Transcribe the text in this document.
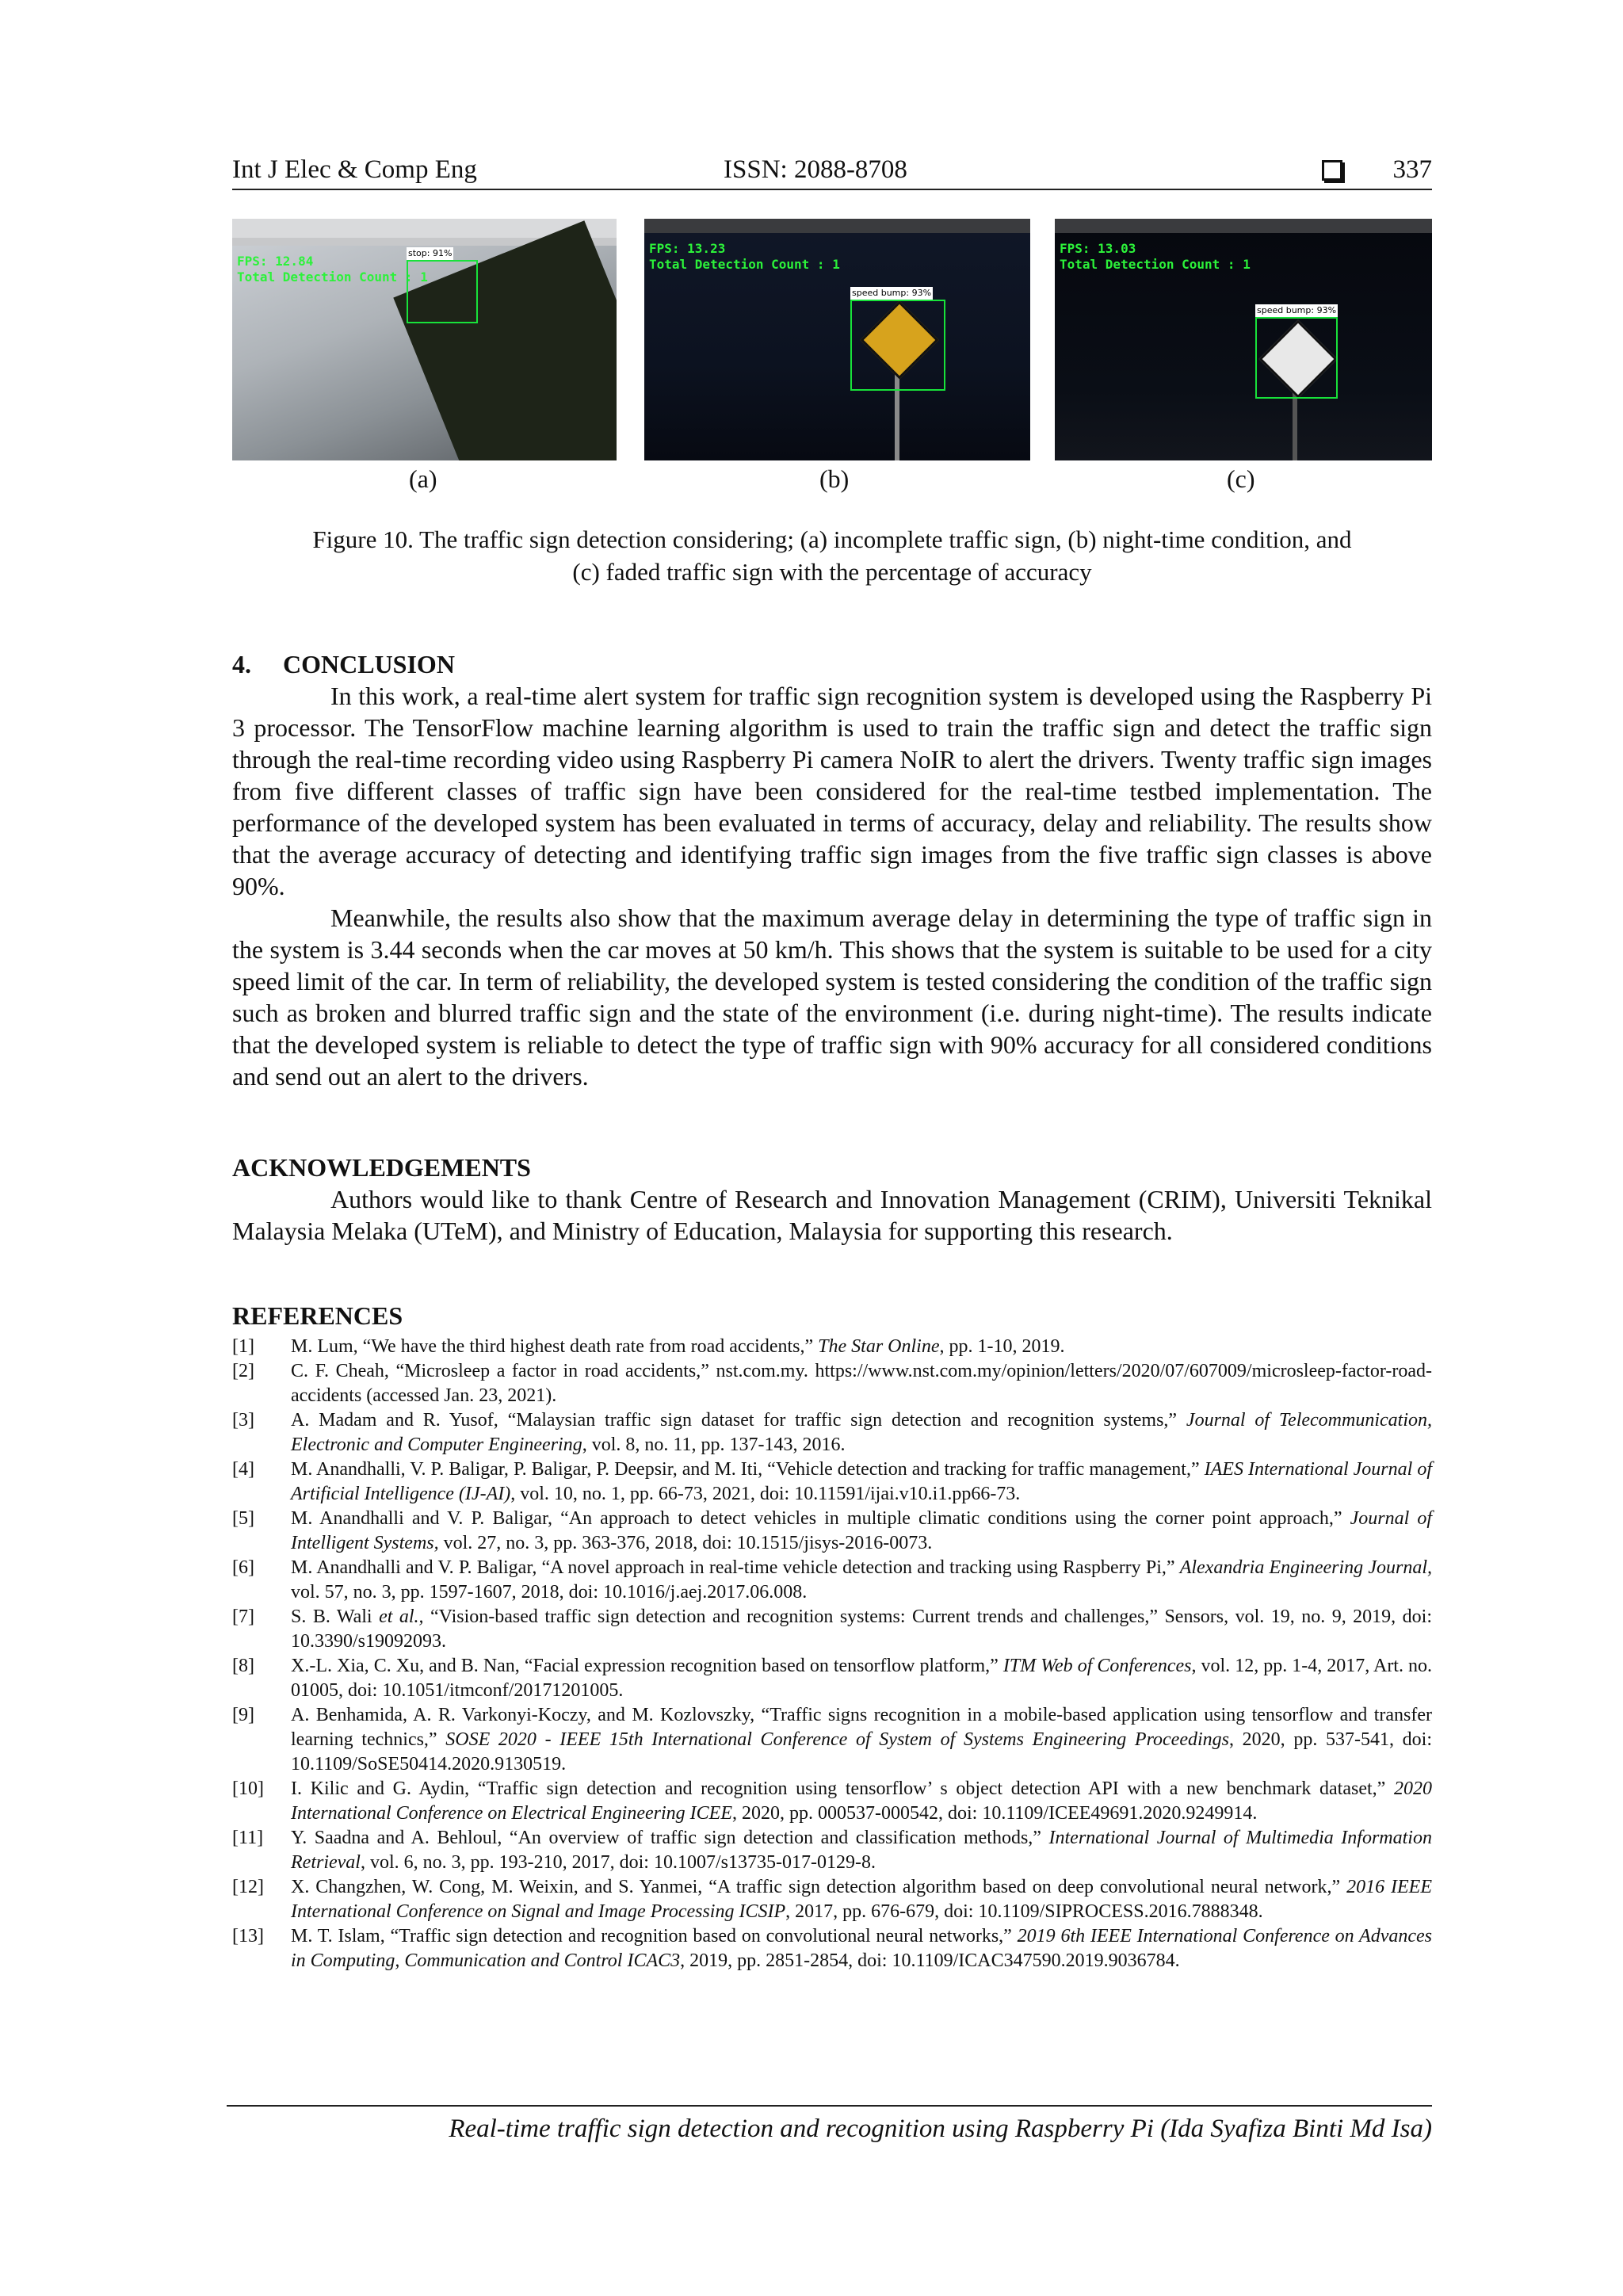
Int J Elec & Comp Eng	ISSN: 2088-8708	337
FPS: 12.84
Total Detection Count : 1
stop: 91%	FPS: 13.23
Total Detection Count : 1
speed bump: 93%
FPS: 13.03
Total Detection Count : 1
speed bump: 93%
(a)	(b)	(c)
Figure 10. The traffic sign detection considering; (a) incomplete traffic sign, (b) night-time condition, and
(c) faded traffic sign with the percentage of accuracy
4.     CONCLUSION

In this work, a real-time alert system for traffic sign recognition system is developed using the Raspberry Pi 3 processor. The TensorFlow machine learning algorithm is used to train the traffic sign and detect the traffic sign through the real-time recording video using Raspberry Pi camera NoIR to alert the drivers. Twenty traffic sign images from five different classes of traffic sign have been considered for the real-time testbed implementation. The performance of the developed system has been evaluated in terms of accuracy, delay and reliability. The results show that the average accuracy of detecting and identifying traffic sign images from the five traffic sign classes is above 90%.

Meanwhile, the results also show that the maximum average delay in determining the type of traffic sign in the system is 3.44 seconds when the car moves at 50 km/h. This shows that the system is suitable to be used for a city speed limit of the car. In term of reliability, the developed system is tested considering the condition of the traffic sign such as broken and blurred traffic sign and the state of the environment (i.e. during night-time). The results indicate that the developed system is reliable to detect the type of traffic sign with 90% accuracy for all considered conditions and send out an alert to the drivers.

ACKNOWLEDGEMENTS

Authors would like to thank Centre of Research and Innovation Management (CRIM), Universiti Teknikal Malaysia Melaka (UTeM), and Ministry of Education, Malaysia for supporting this research.

REFERENCES
[1]	M. Lum, “We have the third highest death rate from road accidents,” The Star Online, pp. 1-10, 2019.
[2]	C. F. Cheah, “Microsleep a factor in road accidents,” nst.com.my. https://www.nst.com.my/opinion/letters/2020/07/607009/microsleep-factor-road-accidents (accessed Jan. 23, 2021).
[3]	A. Madam and R. Yusof, “Malaysian traffic sign dataset for traffic sign detection and recognition systems,” Journal of Telecommunication, Electronic and Computer Engineering, vol. 8, no. 11, pp. 137-143, 2016.
[4]	M. Anandhalli, V. P. Baligar, P. Baligar, P. Deepsir, and M. Iti, “Vehicle detection and tracking for traffic management,” IAES International Journal of Artificial Intelligence (IJ-AI), vol. 10, no. 1, pp. 66-73, 2021, doi: 10.11591/ijai.v10.i1.pp66-73.
[5]	M. Anandhalli and V. P. Baligar, “An approach to detect vehicles in multiple climatic conditions using the corner point approach,” Journal of Intelligent Systems, vol. 27, no. 3, pp. 363-376, 2018, doi: 10.1515/jisys-2016-0073.
[6]	M. Anandhalli and V. P. Baligar, “A novel approach in real-time vehicle detection and tracking using Raspberry Pi,” Alexandria Engineering Journal, vol. 57, no. 3, pp. 1597-1607, 2018, doi: 10.1016/j.aej.2017.06.008.
[7]	S. B. Wali et al., “Vision-based traffic sign detection and recognition systems: Current trends and challenges,” Sensors, vol. 19, no. 9, 2019, doi: 10.3390/s19092093.
[8]	X.-L. Xia, C. Xu, and B. Nan, “Facial expression recognition based on tensorflow platform,” ITM Web of Conferences, vol. 12, pp. 1-4, 2017, Art. no. 01005, doi: 10.1051/itmconf/20171201005.
[9]	A. Benhamida, A. R. Varkonyi-Koczy, and M. Kozlovszky, “Traffic signs recognition in a mobile-based application using tensorflow and transfer learning technics,” SOSE 2020 - IEEE 15th International Conference of System of Systems Engineering Proceedings, 2020, pp. 537-541, doi: 10.1109/SoSE50414.2020.9130519.
[10]	I. Kilic and G. Aydin, “Traffic sign detection and recognition using tensorflow’ s object detection API with a new benchmark dataset,” 2020 International Conference on Electrical Engineering ICEE, 2020, pp. 000537-000542, doi: 10.1109/ICEE49691.2020.9249914.
[11]	Y. Saadna and A. Behloul, “An overview of traffic sign detection and classification methods,” International Journal of Multimedia Information Retrieval, vol. 6, no. 3, pp. 193-210, 2017, doi: 10.1007/s13735-017-0129-8.
[12]	X. Changzhen, W. Cong, M. Weixin, and S. Yanmei, “A traffic sign detection algorithm based on deep convolutional neural network,” 2016 IEEE International Conference on Signal and Image Processing ICSIP, 2017, pp. 676-679, doi: 10.1109/SIPROCESS.2016.7888348.
[13]	M. T. Islam, “Traffic sign detection and recognition based on convolutional neural networks,” 2019 6th IEEE International Conference on Advances in Computing, Communication and Control ICAC3, 2019, pp. 2851-2854, doi: 10.1109/ICAC347590.2019.9036784.
Real-time traffic sign detection and recognition using Raspberry Pi (Ida Syafiza Binti Md Isa)
